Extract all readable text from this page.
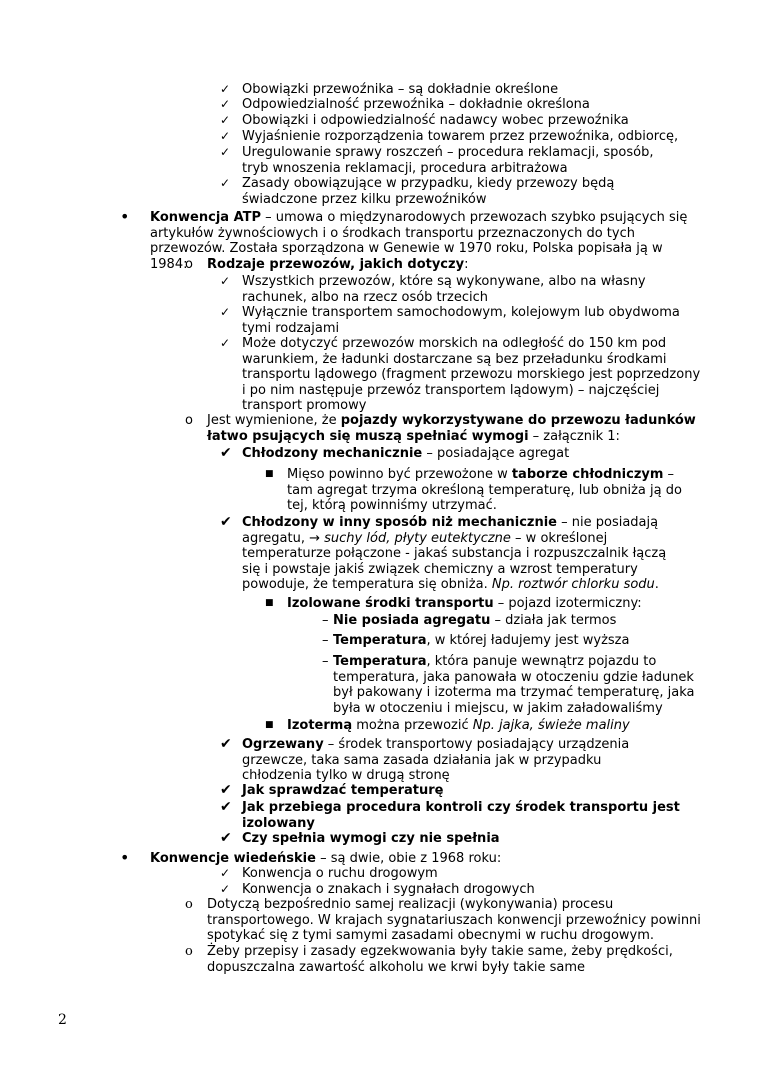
✓ Obowiązki przewoźnika – są dokładnie określone
✓ Odpowiedzialność przewoźnika – dokładnie określona
✓ Obowiązki i odpowiedzialność nadawcy wobec przewoźnika
✓ Wyjaśnienie rozporządzenia towarem przez przewoźnika, odbiorcę,
✓ Uregulowanie sprawy roszczeń – procedura reklamacji, sposób, tryb wnoszenia reklamacji, procedura arbitrażowa
✓ Zasady obowiązujące w przypadku, kiedy przewozy będą świadczone przez kilku przewoźników
• Konwencja ATP – umowa o międzynarodowych przewozach szybko psujących się artykułów żywnościowych i o środkach transportu przeznaczonych do tych przewozów. Została sporządzona w Genewie w 1970 roku, Polska popisała ją w 1984:
o Rodzaje przewozów, jakich dotyczy:
✓ Wszystkich przewozów, które są wykonywane, albo na własny rachunek, albo na rzecz osób trzecich
✓ Wyłącznie transportem samochodowym, kolejowym lub obydwoma tymi rodzajami
✓ Może dotyczyć przewozów morskich na odległość do 150 km pod warunkiem, że ładunki dostarczane są bez przeładunku środkami transportu lądowego (fragment przewozu morskiego jest poprzedzony i po nim następuje przewóz transportem lądowym) – najczęściej transport promowy
o Jest wymienione, że pojazdy wykorzystywane do przewozu ładunków łatwo psujących się muszą spełniać wymogi – załącznik 1:
✔ Chłodzony mechanicznie – posiadające agregat
■ Mięso powinno być przewożone w taborze chłodniczym – tam agregat trzyma określoną temperaturę, lub obniża ją do tej, którą powinniśmy utrzymać.
✔ Chłodzony w inny sposób niż mechanicznie – nie posiadają agregatu, → suchy lód, płyty eutektyczne – w określonej temperaturze połączone - jakaś substancja i rozpuszczalnik łączą się i powstaje jakiś związek chemiczny a wzrost temperatury powoduje, że temperatura się obniża. Np. roztwór chlorku sodu.
■ Izolowane środki transportu – pojazd izotermiczny:
– Nie posiada agregatu – działa jak termos
– Temperatura, w której ładujemy jest wyższa
– Temperatura, która panuje wewnątrz pojazdu to temperatura, jaka panowała w otoczeniu gdzie ładunek był pakowany i izoterma ma trzymać temperaturę, jaka była w otoczeniu i miejscu, w jakim załadowaliśmy
■ Izotermą można przewozić Np. jajka, świeże maliny
✔ Ogrzewany – środek transportowy posiadający urządzenia grzewcze, taka sama zasada działania jak w przypadku chłodzenia tylko w drugą stronę
✔ Jak sprawdzać temperaturę
✔ Jak przebiega procedura kontroli czy środek transportu jest izolowany
✔ Czy spełnia wymogi czy nie spełnia
• Konwencje wiedeńskie – są dwie, obie z 1968 roku:
✓ Konwencja o ruchu drogowym
✓ Konwencja o znakach i sygnałach drogowych
o Dotyczą bezpośrednio samej realizacji (wykonywania) procesu transportowego. W krajach sygnatariuszach konwencji przewoźnicy powinni spotykać się z tymi samymi zasadami obecnymi w ruchu drogowym.
o Żeby przepisy i zasady egzekwowania były takie same, żeby prędkości, dopuszczalna zawartość alkoholu we krwi były takie same
2
